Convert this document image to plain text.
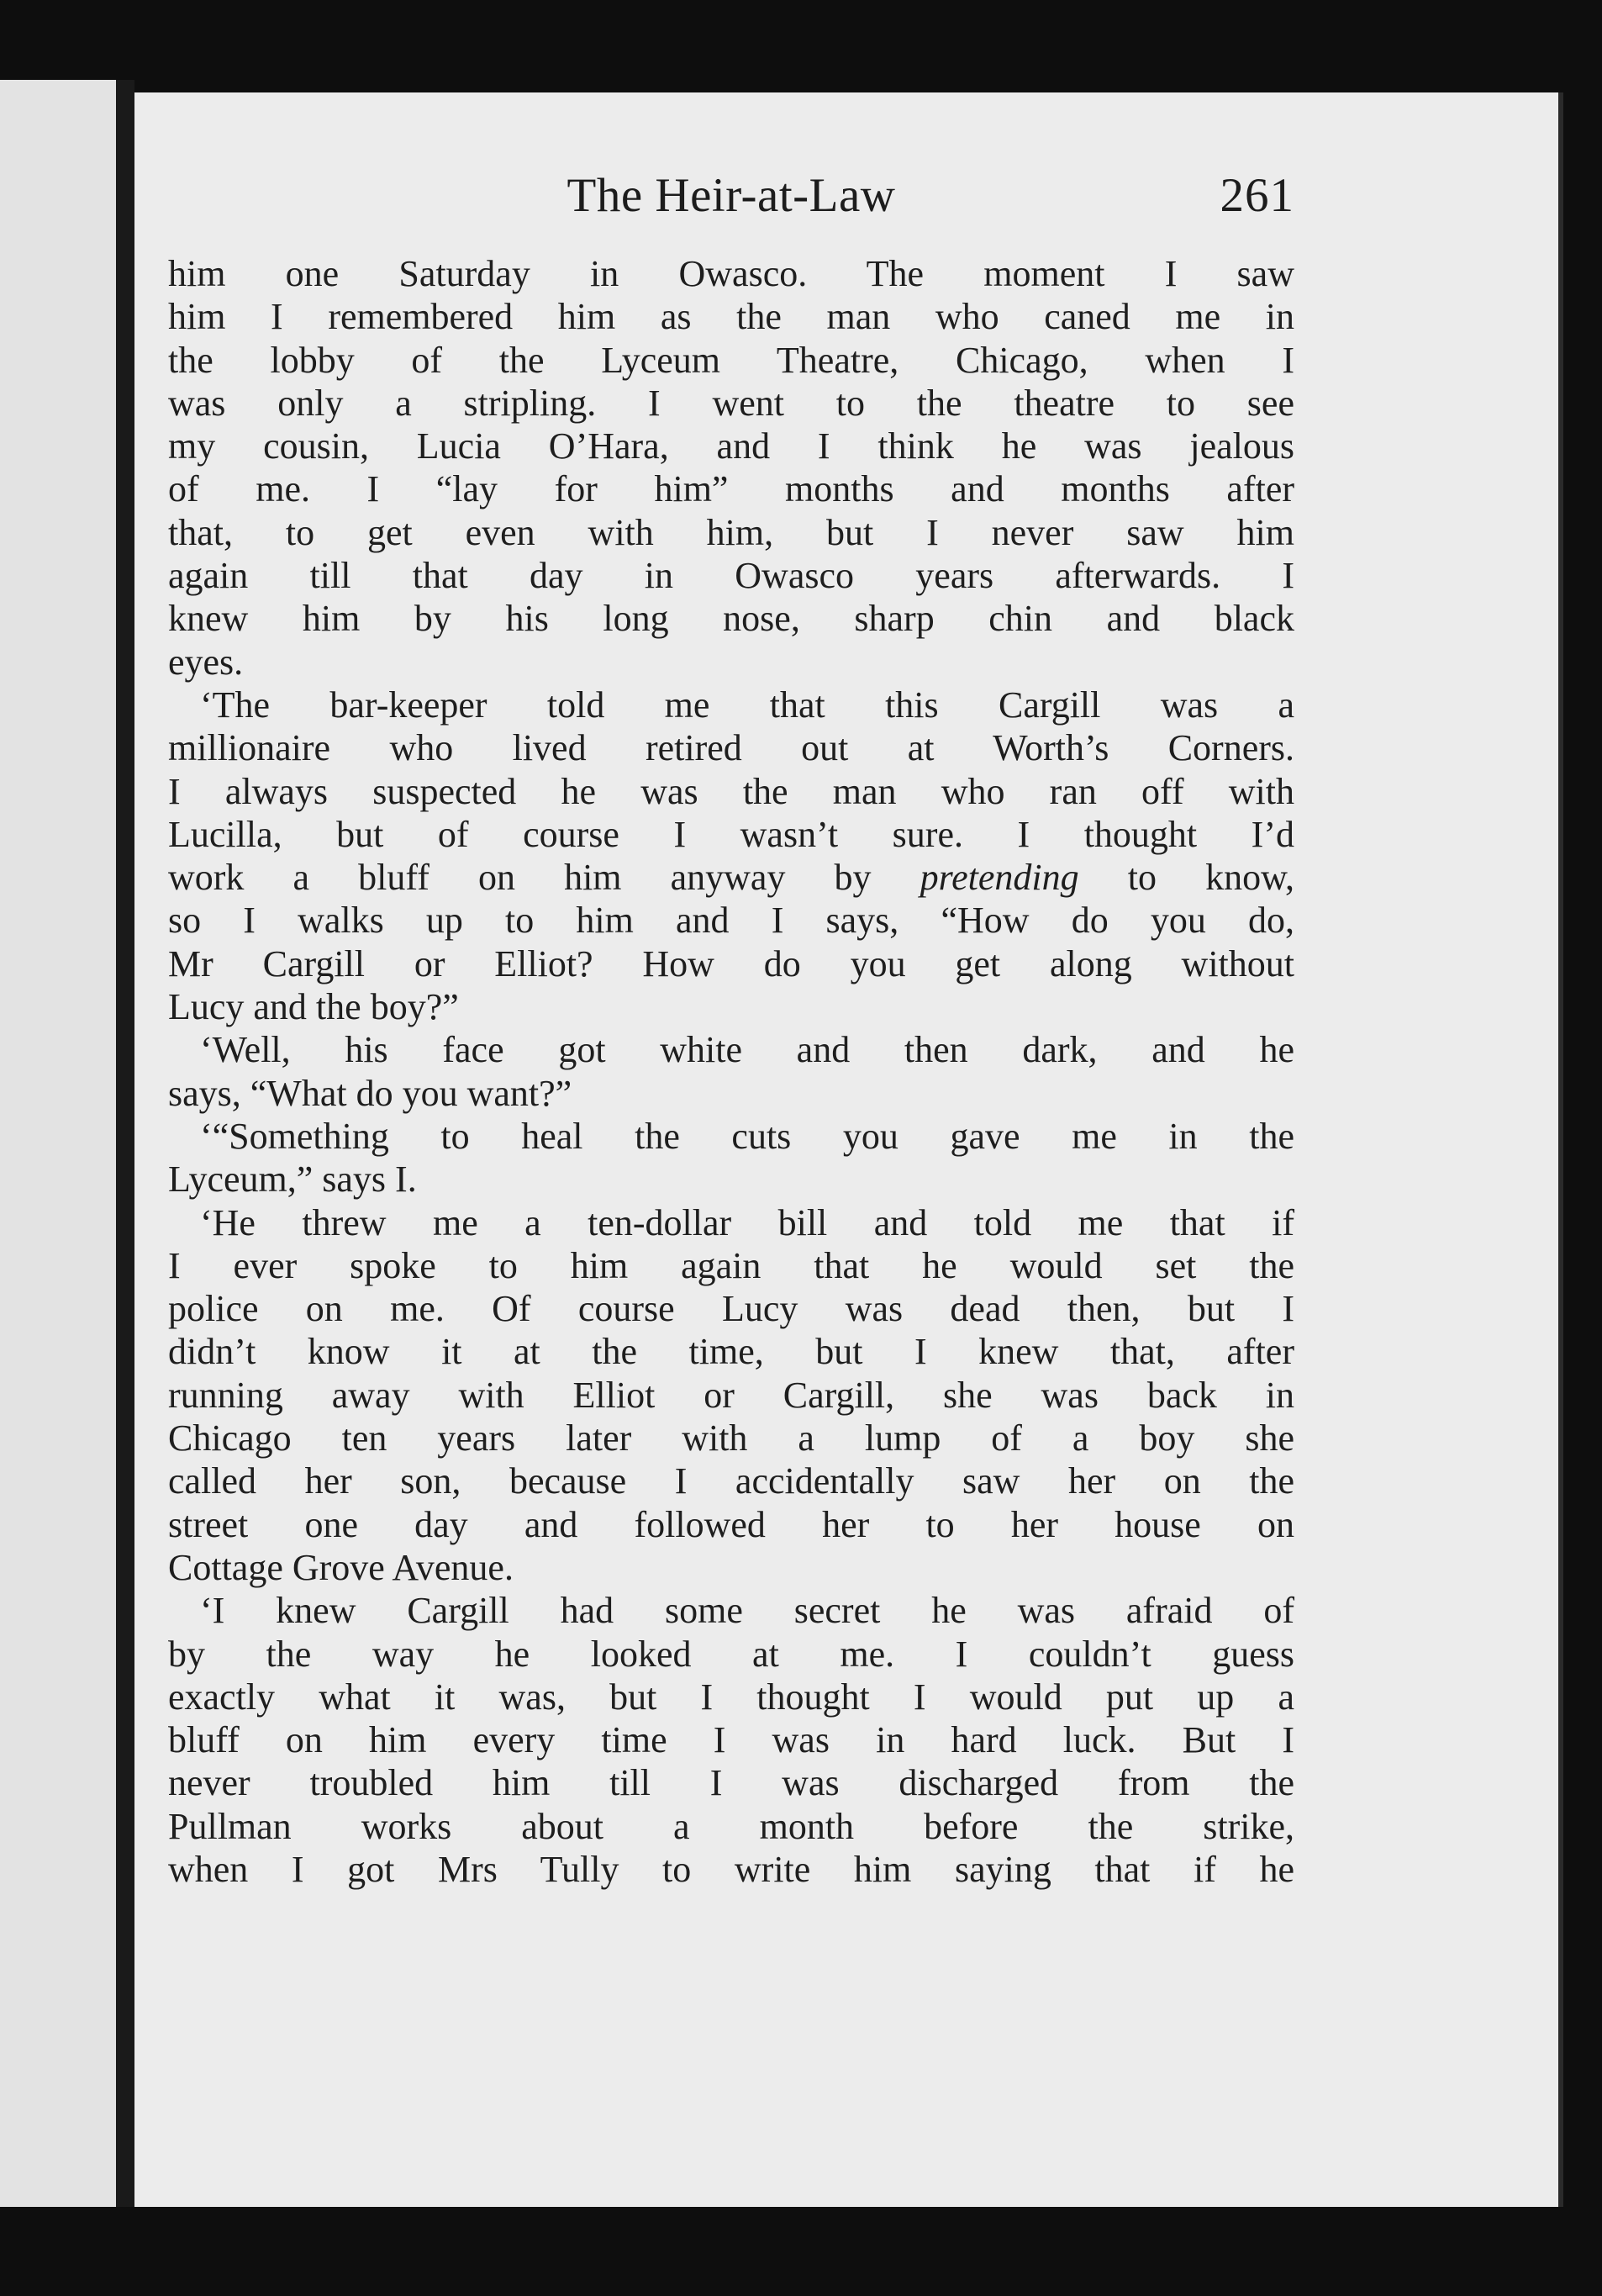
The Heir-at-Law	261
him one Saturday in Owasco. The moment I saw
him I remembered him as the man who caned me in
the lobby of the Lyceum Theatre, Chicago, when I
was only a stripling. I went to the theatre to see
my cousin, Lucia O’Hara, and I think he was jealous
of me. I “lay for him” months and months after
that, to get even with him, but I never saw him
again till that day in Owasco years afterwards. I
knew him by his long nose, sharp chin and black
eyes.
‘The bar-keeper told me that this Cargill was a
millionaire who lived retired out at Worth’s Corners.
I always suspected he was the man who ran off with
Lucilla, but of course I wasn’t sure. I thought I’d
work a bluff on him anyway by pretending to know,
so I walks up to him and I says, “How do you do,
Mr Cargill or Elliot? How do you get along without
Lucy and the boy?”
‘Well, his face got white and then dark, and he
says, “What do you want?”
‘“Something to heal the cuts you gave me in the
Lyceum,” says I.
‘He threw me a ten-dollar bill and told me that if
I ever spoke to him again that he would set the
police on me. Of course Lucy was dead then, but I
didn’t know it at the time, but I knew that, after
running away with Elliot or Cargill, she was back in
Chicago ten years later with a lump of a boy she
called her son, because I accidentally saw her on the
street one day and followed her to her house on
Cottage Grove Avenue.
‘I knew Cargill had some secret he was afraid of
by the way he looked at me. I couldn’t guess
exactly what it was, but I thought I would put up a
bluff on him every time I was in hard luck. But I
never troubled him till I was discharged from the
Pullman works about a month before the strike,
when I got Mrs Tully to write him saying that if he
